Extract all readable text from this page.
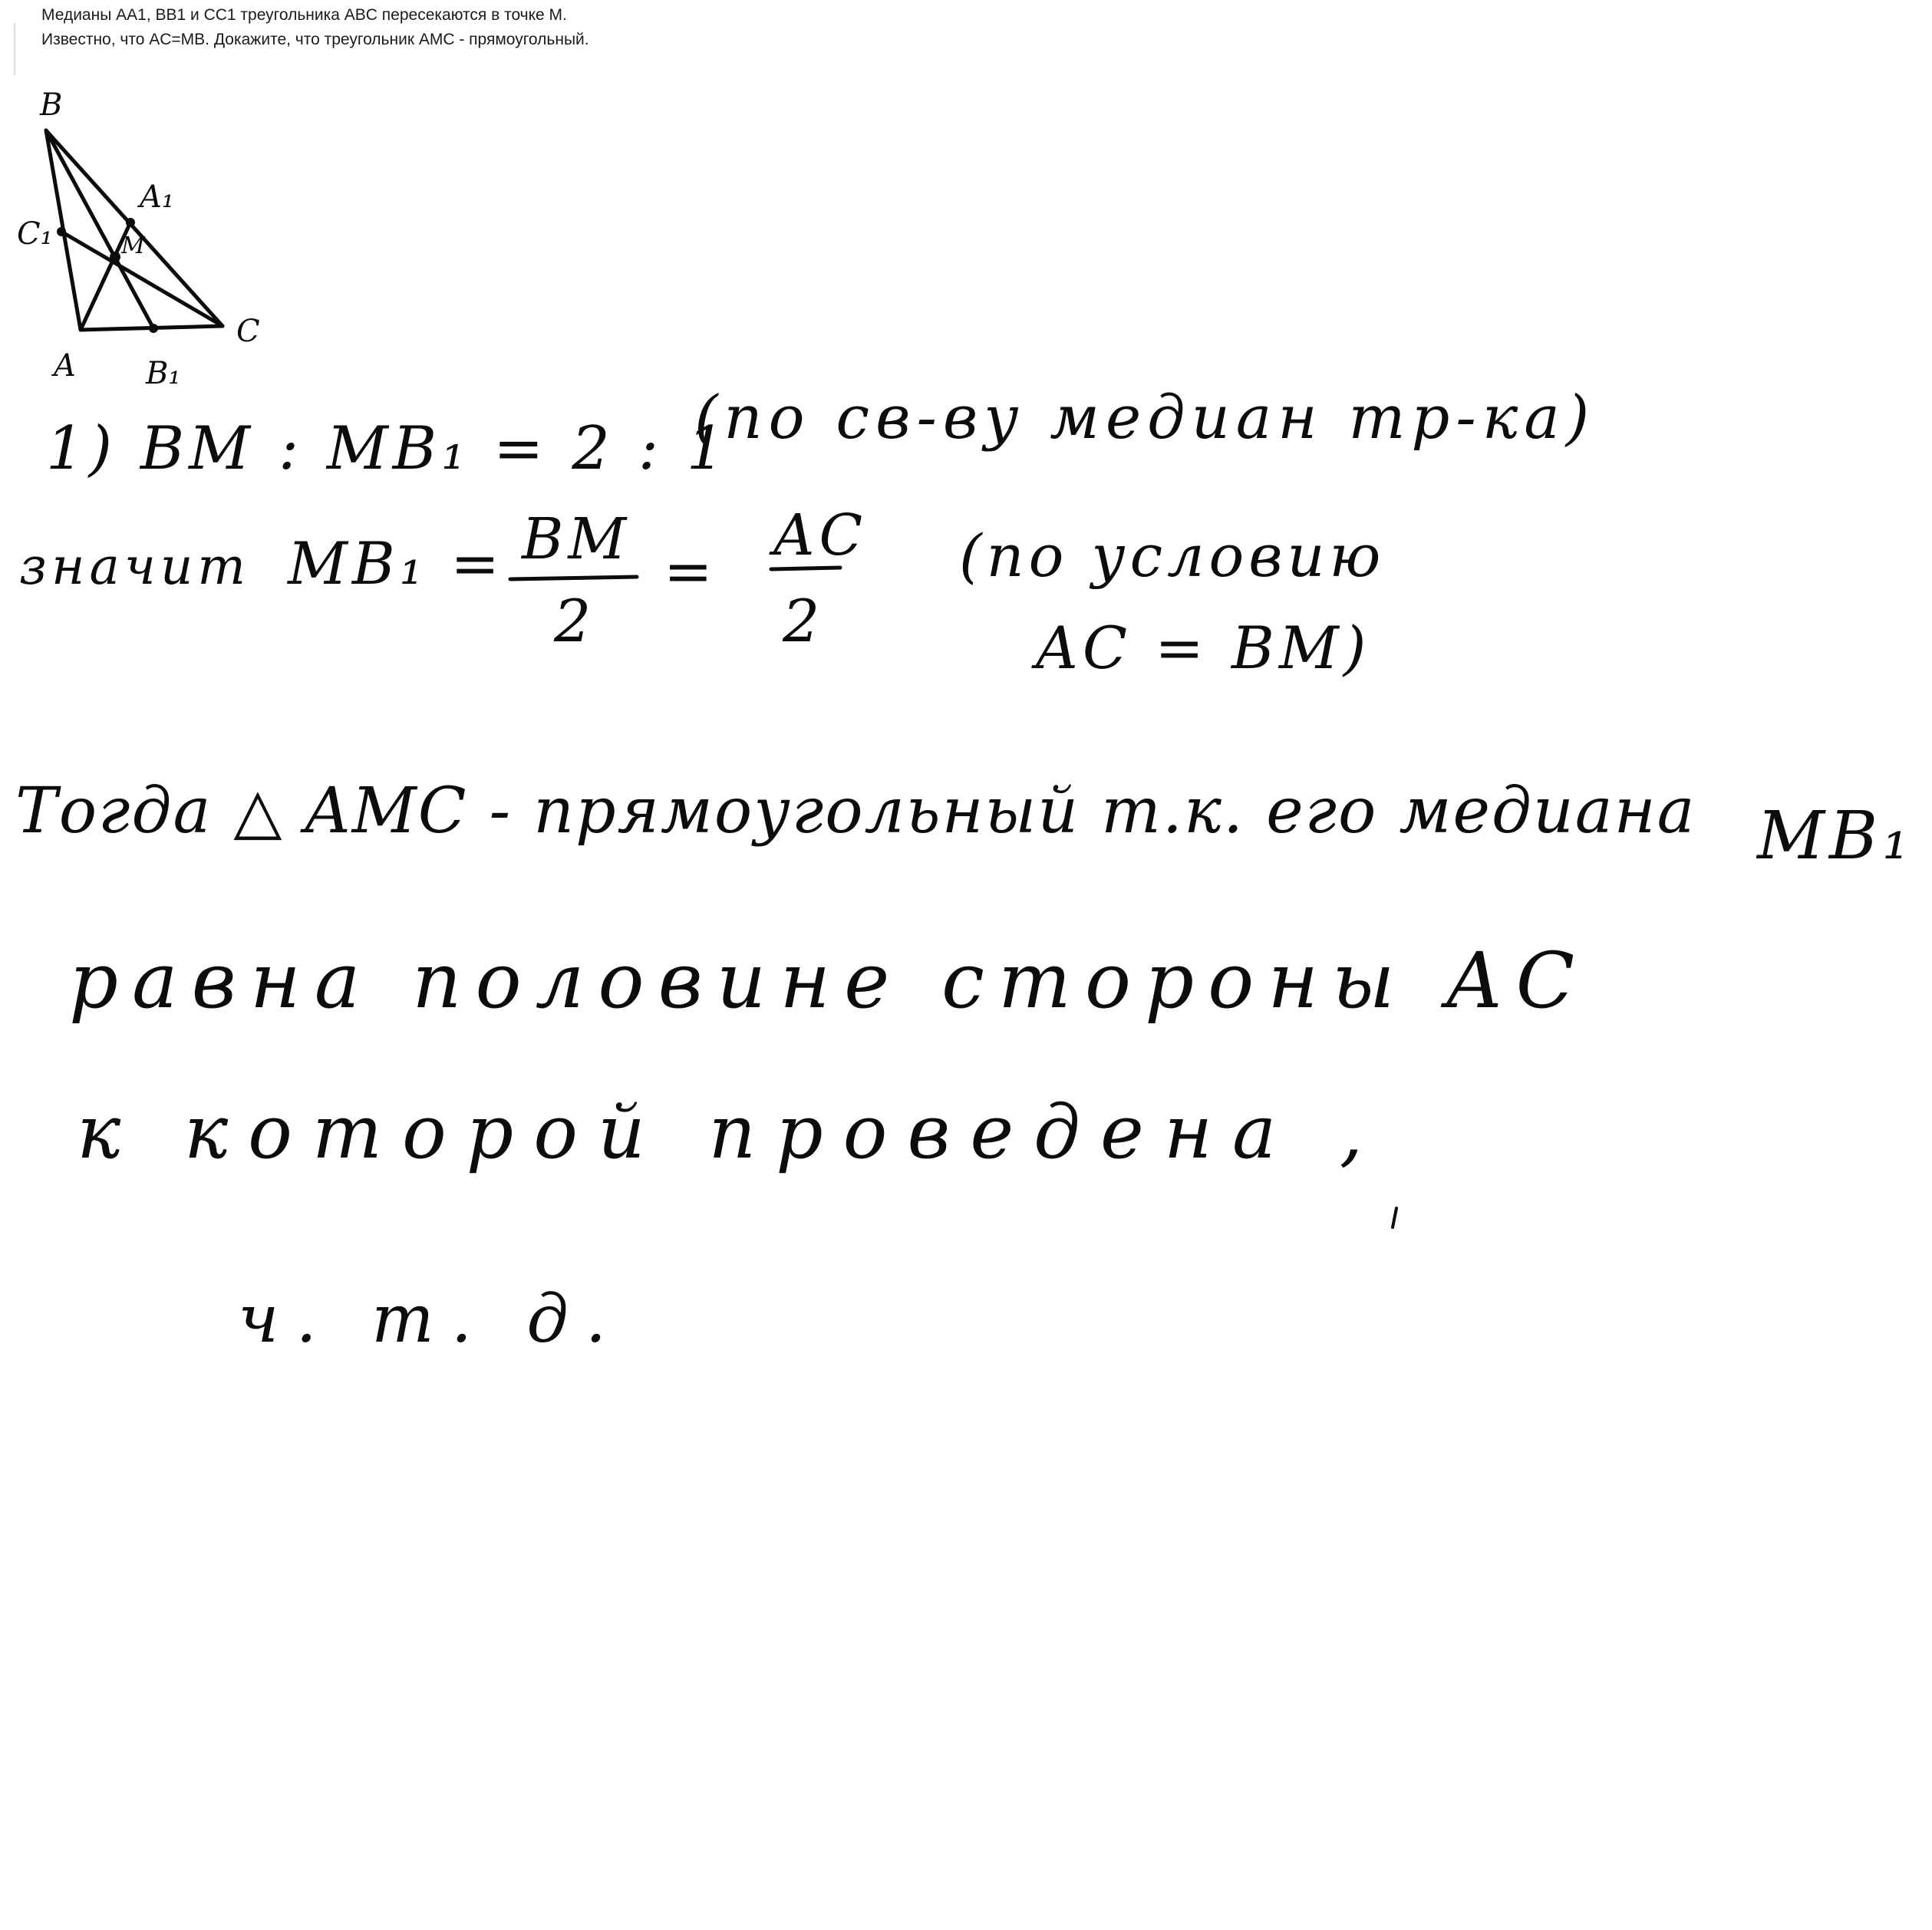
Медианы AA1, BB1 и CC1 треугольника ABC пересекаются в точке M.
Известно, что AC=MB. Докажите, что треугольник AMC - прямоугольный.
B
A₁
C₁	M
C
A B₁
1) BM : MB₁ = 2 : 1
(по св-ву медиан тр-ка)
значит MB₁ = BM
2
=
AC
2
(по условию
AC = BM)
Тогда △ AMC - прямоугольный т.к. его медиана MB₁
равна половине стороны AC
к которой проведена ,
ч. т. д.
